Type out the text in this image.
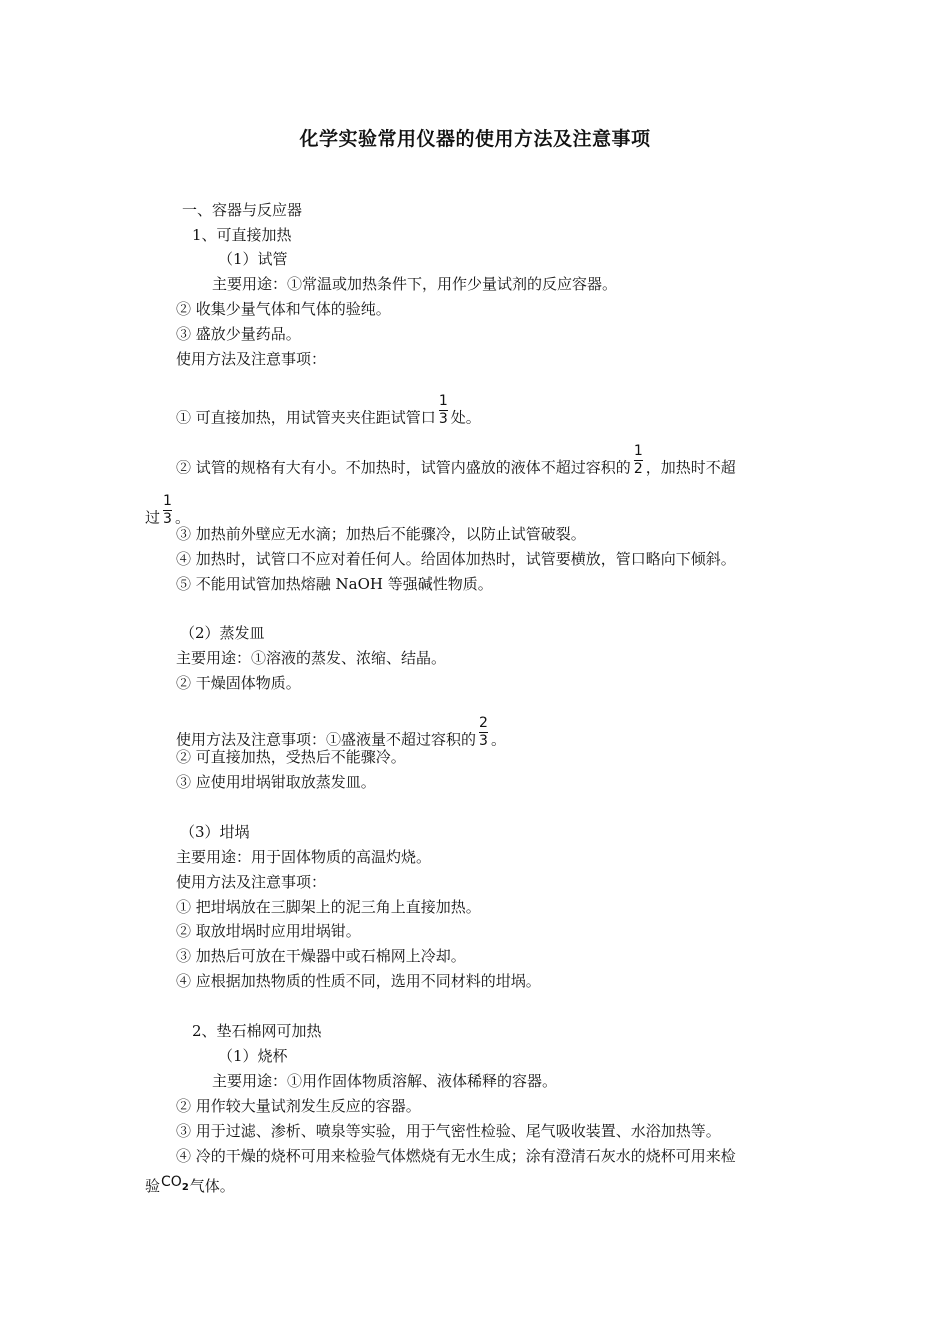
化学实验常用仪器的使用方法及注意事项
一、容器与反应器
1、可直接加热
（1）试管
主要用途：①常温或加热条件下，用作少量试剂的反应容器。
② 收集少量气体和气体的验纯。
③ 盛放少量药品。
使用方法及注意事项：
① 可直接加热，用试管夹夹住距试管口 $\frac{1}{3}$ 处。
② 试管的规格有大有小。不加热时，试管内盛放的液体不超过容积的 $\frac{1}{2}$ ，加热时不超
过 $\frac{1}{3}$ 。
③ 加热前外壁应无水滴；加热后不能骤冷，以防止试管破裂。
④ 加热时，试管口不应对着任何人。给固体加热时，试管要横放，管口略向下倾斜。
⑤ 不能用试管加热熔融 NaOH 等强碱性物质。
（2）蒸发皿
主要用途：①溶液的蒸发、浓缩、结晶。
② 干燥固体物质。
使用方法及注意事项：①盛液量不超过容积的 $\frac{2}{3}$ 。
② 可直接加热，受热后不能骤冷。
③ 应使用坩埚钳取放蒸发皿。
（3）坩埚
主要用途：用于固体物质的高温灼烧。
使用方法及注意事项：
① 把坩埚放在三脚架上的泥三角上直接加热。
② 取放坩埚时应用坩埚钳。
③ 加热后可放在干燥器中或石棉网上冷却。
④ 应根据加热物质的性质不同，选用不同材料的坩埚。
2、垫石棉网可加热
（1）烧杯
主要用途：①用作固体物质溶解、液体稀释的容器。
② 用作较大量试剂发生反应的容器。
③ 用于过滤、渗析、喷泉等实验，用于气密性检验、尾气吸收装置、水浴加热等。
④ 冷的干燥的烧杯可用来检验气体燃烧有无水生成；涂有澄清石灰水的烧杯可用来检
验$CO_2$气体。
